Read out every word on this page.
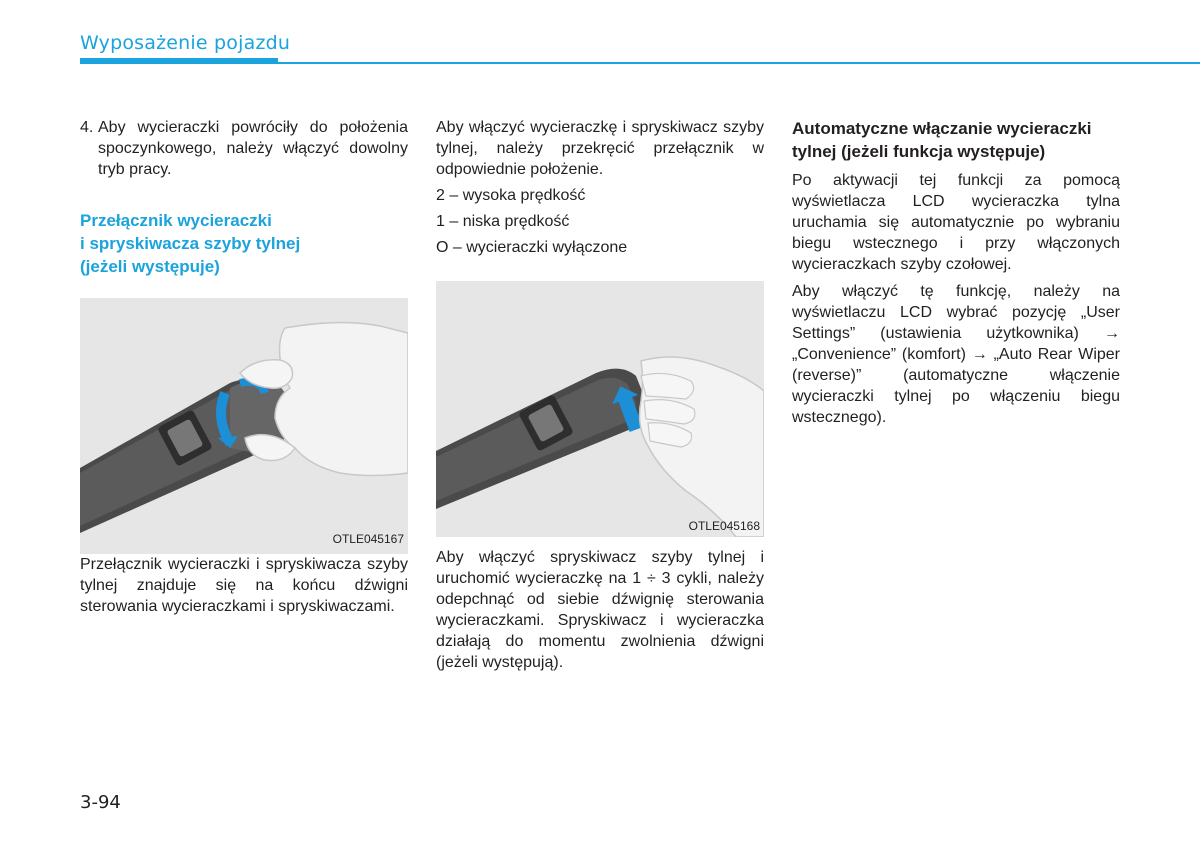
Wyposażenie pojazdu
4. Aby wycieraczki powróciły do położenia spoczynkowego, należy włączyć dowolny tryb pracy.
Przełącznik wycieraczki
i spryskiwacza szyby tylnej
(jeżeli występuje)
OTLE045167

Przełącznik wycieraczki i spryskiwacza szyby tylnej znajduje się na końcu dźwigni sterowania wycieraczkami i spryskiwaczami.

Aby włączyć wycieraczkę i spryskiwacz szyby tylnej, należy przekręcić przełącznik w odpowiednie położenie.

2 – wysoka prędkość

1 – niska prędkość

O – wycieraczki wyłączone

OTLE045168

Aby włączyć spryskiwacz szyby tylnej i uruchomić wycieraczkę na 1 ÷ 3 cykli, należy odepchnąć od siebie dźwignię sterowania wycieraczkami. Spryskiwacz i wycieraczka działają do momentu zwolnienia dźwigni (jeżeli występują).

Automatyczne włączanie wycieraczki tylnej (jeżeli funkcja występuje)

Po aktywacji tej funkcji za pomocą wyświetlacza LCD wycieraczka tylna uruchamia się automatycznie po wybraniu biegu wstecznego i przy włączonych wycieraczkach szyby czołowej.

Aby włączyć tę funkcję, należy na wyświetlaczu LCD wybrać pozycję „User Settings” (ustawienia użytkownika) → „Convenience” (komfort) → „Auto Rear Wiper (reverse)” (automatyczne włączenie wycieraczki tylnej po włączeniu biegu wstecznego).

3-94
